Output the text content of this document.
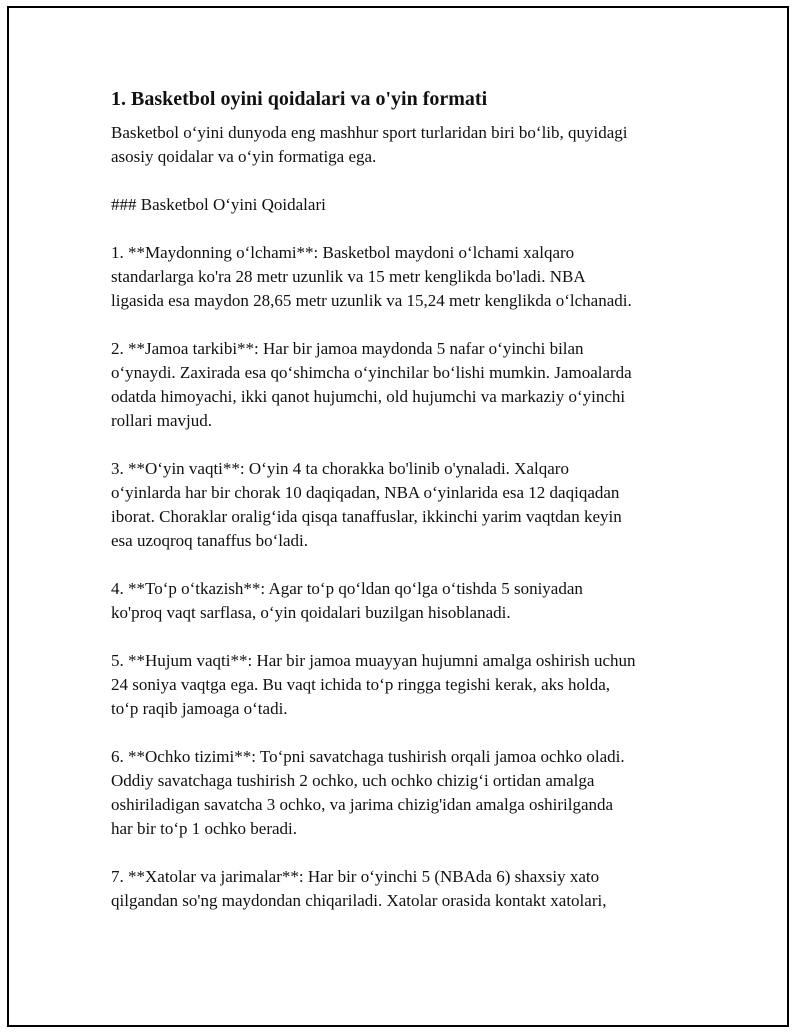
1. Basketbol oyini qoidalari va o'yin formati
Basketbol o‘yini dunyoda eng mashhur sport turlaridan biri bo‘lib, quyidagi
asosiy qoidalar va o‘yin formatiga ega.
### Basketbol O‘yini Qoidalari
1. **Maydonning o‘lchami**: Basketbol maydoni o‘lchami xalqaro
standarlarga ko'ra 28 metr uzunlik va 15 metr kenglikda bo'ladi. NBA
ligasida esa maydon 28,65 metr uzunlik va 15,24 metr kenglikda o‘lchanadi.
2. **Jamoa tarkibi**: Har bir jamoa maydonda 5 nafar o‘yinchi bilan
o‘ynaydi. Zaxirada esa qo‘shimcha o‘yinchilar bo‘lishi mumkin. Jamoalarda
odatda himoyachi, ikki qanot hujumchi, old hujumchi va markaziy o‘yinchi
rollari mavjud.
3. **O‘yin vaqti**: O‘yin 4 ta chorakka bo'linib o'ynaladi. Xalqaro
o‘yinlarda har bir chorak 10 daqiqadan, NBA o‘yinlarida esa 12 daqiqadan
iborat. Choraklar oralig‘ida qisqa tanaffuslar, ikkinchi yarim vaqtdan keyin
esa uzoqroq tanaffus bo‘ladi.
4. **To‘p o‘tkazish**: Agar to‘p qo‘ldan qo‘lga o‘tishda 5 soniyadan
ko'proq vaqt sarflasa, o‘yin qoidalari buzilgan hisoblanadi.
5. **Hujum vaqti**: Har bir jamoa muayyan hujumni amalga oshirish uchun
24 soniya vaqtga ega. Bu vaqt ichida to‘p ringga tegishi kerak, aks holda,
to‘p raqib jamoaga o‘tadi.
6. **Ochko tizimi**: To‘pni savatchaga tushirish orqali jamoa ochko oladi.
Oddiy savatchaga tushirish 2 ochko, uch ochko chizig‘i ortidan amalga
oshiriladigan savatcha 3 ochko, va jarima chizig'idan amalga oshirilganda
har bir to‘p 1 ochko beradi.
7. **Xatolar va jarimalar**: Har bir o‘yinchi 5 (NBAda 6) shaxsiy xato
qilgandan so'ng maydondan chiqariladi. Xatolar orasida kontakt xatolari,
